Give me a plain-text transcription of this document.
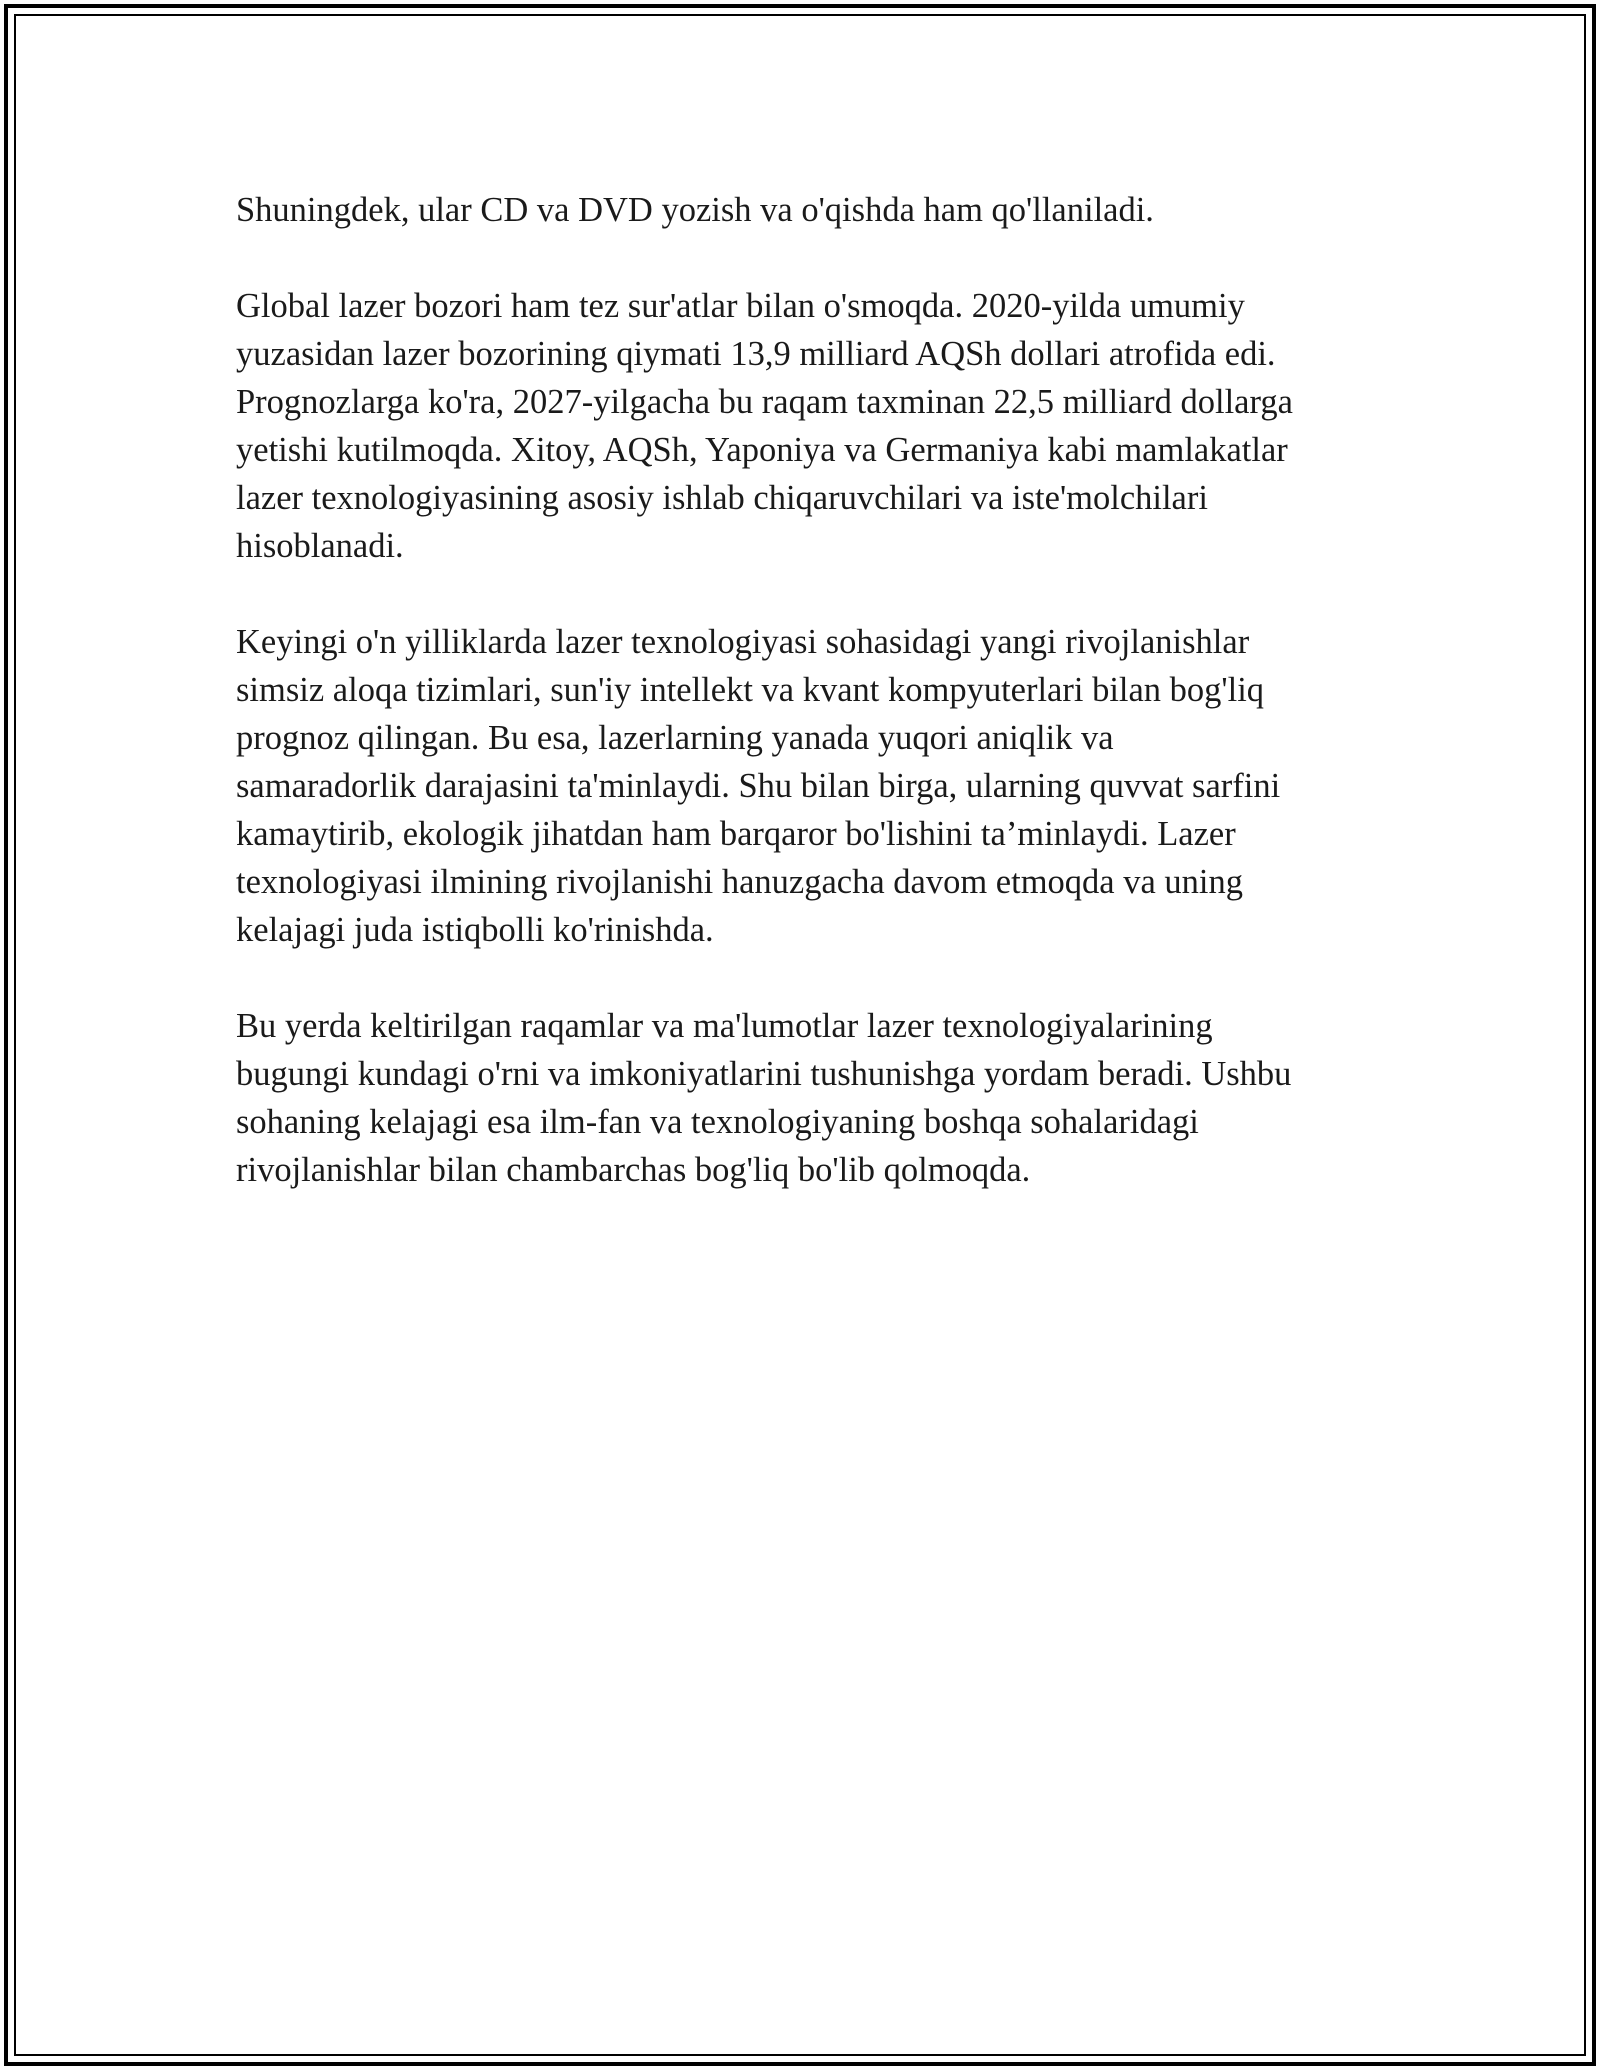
Shuningdek, ular CD va DVD yozish va o'qishda ham qo'llaniladi.

Global lazer bozori ham tez sur'atlar bilan o'smoqda. 2020-yilda umumiy
yuzasidan lazer bozorining qiymati 13,9 milliard AQSh dollari atrofida edi.
Prognozlarga ko'ra, 2027-yilgacha bu raqam taxminan 22,5 milliard dollarga
yetishi kutilmoqda. Xitoy, AQSh, Yaponiya va Germaniya kabi mamlakatlar
lazer texnologiyasining asosiy ishlab chiqaruvchilari va iste'molchilari
hisoblanadi.

Keyingi o'n yilliklarda lazer texnologiyasi sohasidagi yangi rivojlanishlar
simsiz aloqa tizimlari, sun'iy intellekt va kvant kompyuterlari bilan bog'liq
prognoz qilingan. Bu esa, lazerlarning yanada yuqori aniqlik va
samaradorlik darajasini ta'minlaydi. Shu bilan birga, ularning quvvat sarfini
kamaytirib, ekologik jihatdan ham barqaror bo'lishini ta’minlaydi. Lazer
texnologiyasi ilmining rivojlanishi hanuzgacha davom etmoqda va uning
kelajagi juda istiqbolli ko'rinishda.

Bu yerda keltirilgan raqamlar va ma'lumotlar lazer texnologiyalarining
bugungi kundagi o'rni va imkoniyatlarini tushunishga yordam beradi. Ushbu
sohaning kelajagi esa ilm-fan va texnologiyaning boshqa sohalaridagi
rivojlanishlar bilan chambarchas bog'liq bo'lib qolmoqda.
